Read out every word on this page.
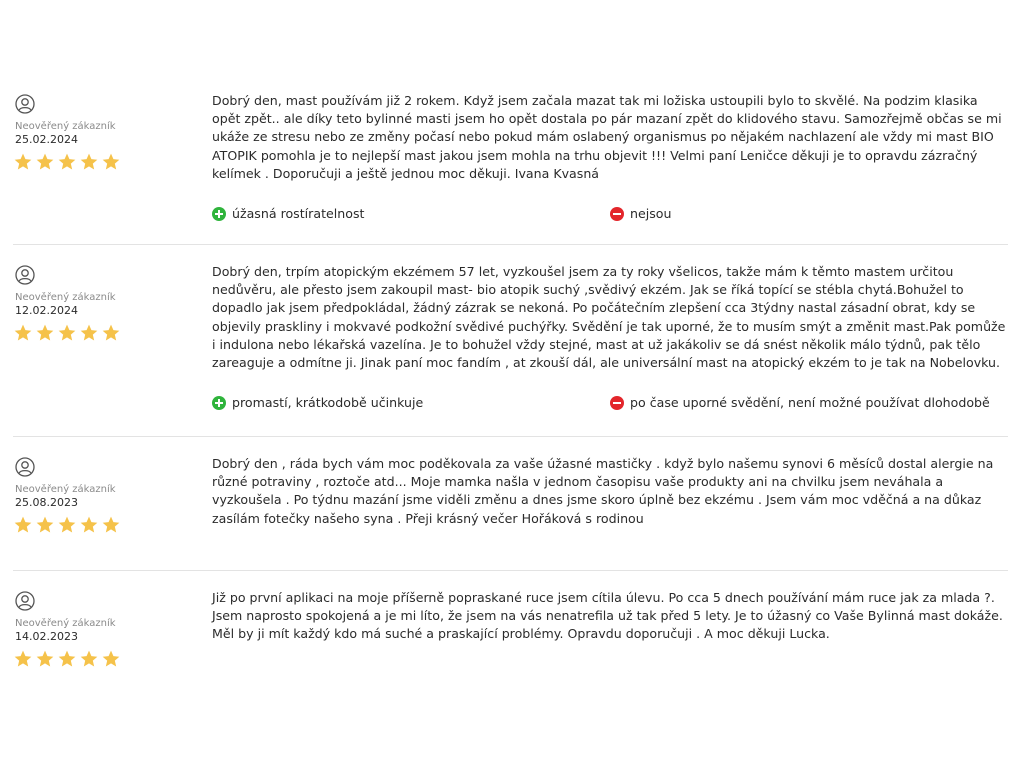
Neověřený zákazník
25.02.2024

Dobrý den, mast používám již 2 rokem. Když jsem začala mazat tak mi ložiska ustoupili bylo to skvělé. Na podzim klasika opět zpět.. ale díky teto bylinné masti jsem ho opět dostala po pár mazaní zpět do klidového stavu. Samozřejmě občas se mi ukáže ze stresu nebo ze změny počasí nebo pokud mám oslabený organismus po nějakém nachlazení ale vždy mi mast BIO ATOPIK pomohla je to nejlepší mast jakou jsem mohla na trhu objevit !!! Velmi paní Leničce děkuji je to opravdu zázračný kelímek . Doporučuji a ještě jednou moc děkuji. Ivana Kvasná

úžasná rostíratelnost	nejsou
Neověřený zákazník
12.02.2024

Dobrý den, trpím atopickým ekzémem 57 let, vyzkoušel jsem za ty roky všelicos, takže mám k těmto mastem určitou nedůvěru, ale přesto jsem zakoupil mast- bio atopik suchý ,svědivý ekzém. Jak se říká topící se stébla chytá.Bohužel to dopadlo jak jsem předpokládal, žádný zázrak se nekoná. Po počátečním zlepšení cca 3týdny nastal zásadní obrat, kdy se objevily praskliny i mokvavé podkožní svědivé puchýřky. Svědění je tak uporné, že to musím smýt a změnit mast.Pak pomůže i indulona nebo lékařská vazelína. Je to bohužel vždy stejné, mast at už jakákoliv se dá snést několik málo týdnů, pak tělo zareaguje a odmítne ji. Jinak paní moc fandím , at zkouší dál, ale universální mast na atopický ekzém to je tak na Nobelovku.

promastí, krátkodobě učinkuje	po čase uporné svědění, není možné používat dlohodobě
Neověřený zákazník
25.08.2023

Dobrý den , ráda bych vám moc poděkovala za vaše úžasné mastičky . když bylo našemu synovi 6 měsíců dostal alergie na různé potraviny , roztoče atd... Moje mamka našla v jednom časopisu vaše produkty ani na chvilku jsem neváhala a vyzkoušela . Po týdnu mazání jsme viděli změnu a dnes jsme skoro úplně bez ekzému . Jsem vám moc vděčná a na důkaz zasílám fotečky našeho syna . Přeji krásný večer Hořáková s rodinou

Neověřený zákazník
14.02.2023

Již po první aplikaci na moje příšerně popraskané ruce jsem cítila úlevu. Po cca 5 dnech používání mám ruce jak za mlada ?. Jsem naprosto spokojená a je mi líto, že jsem na vás nenatrefila už tak před 5 lety. Je to úžasný co Vaše Bylinná mast dokáže. Měl by ji mít každý kdo má suché a praskající problémy. Opravdu doporučuji . A moc děkuji Lucka.
